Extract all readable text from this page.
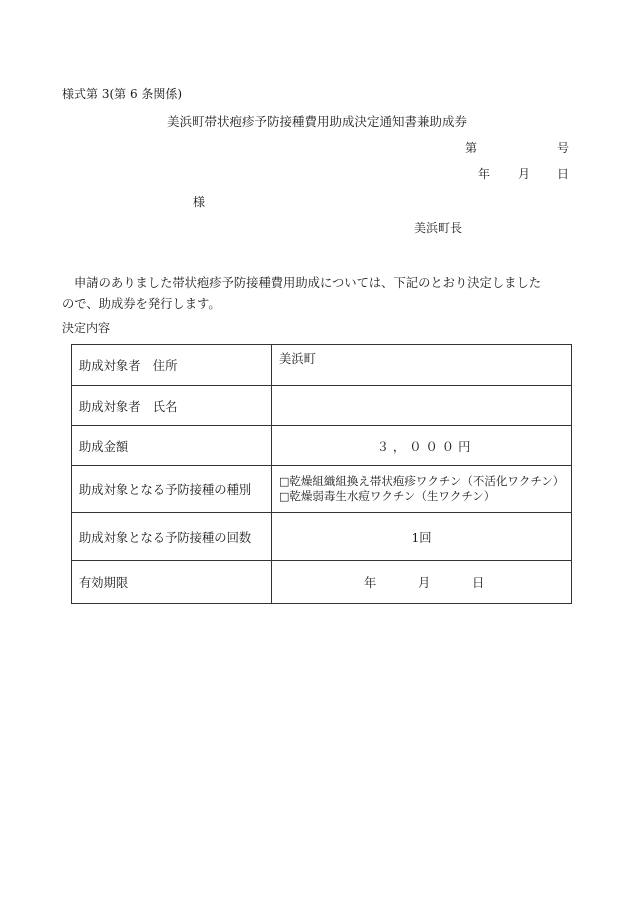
様式第 3(第 6 条関係)
美浜町帯状疱疹予防接種費用助成決定通知書兼助成券
第	号
年 月 日
様
美浜町長
申請のありました帯状疱疹予防接種費用助成については、下記のとおり決定しました
ので、助成券を発行します。
決定内容
助成対象者　住所	美浜町
助成対象者　氏名	
助成金額	３，０００円
助成対象となる予防接種の種別	□乾燥組織組換え帯状疱疹ワクチン（不活化ワクチン）
□乾燥弱毒生水痘ワクチン（生ワクチン）

助成対象となる予防接種の回数	1回
有効期限	年 月 日
